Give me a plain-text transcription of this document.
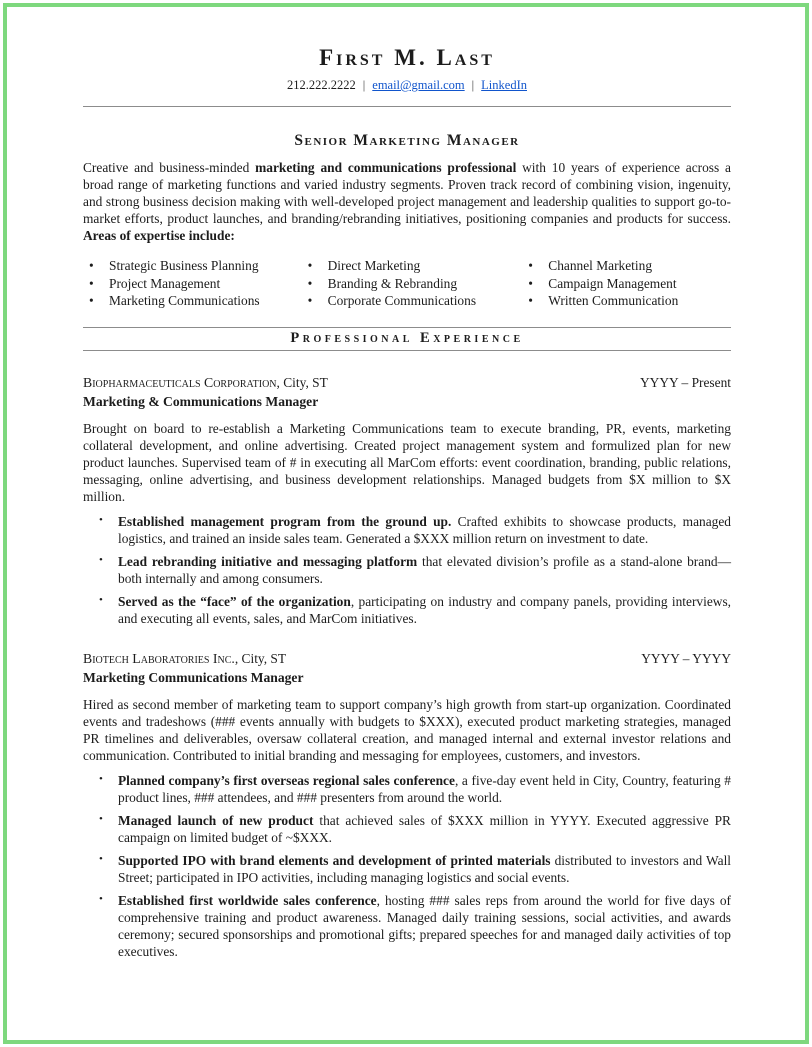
First M. Last
212.222.2222 | email@gmail.com | LinkedIn
Senior Marketing Manager

Creative and business-minded marketing and communications professional with 10 years of experience across a broad range of marketing functions and varied industry segments. Proven track record of combining vision, ingenuity, and strong business decision making with well-developed project management and leadership qualities to support go-to-market efforts, product launches, and branding/rebranding initiatives, positioning companies and products for success. Areas of expertise include:

• Strategic Business Planning
• Project Management
• Marketing Communications
• Direct Marketing
• Branding & Rebranding
• Corporate Communications
• Channel Marketing
• Campaign Management
• Written Communication
Professional Experience
Biopharmaceuticals Corporation, City, ST	YYYY – Present
Marketing & Communications Manager

Brought on board to re-establish a Marketing Communications team to execute branding, PR, events, marketing collateral development, and online advertising. Created project management system and formulized plan for new product launches. Supervised team of # in executing all MarCom efforts: event coordination, branding, public relations, messaging, online advertising, and business development relationships. Managed budgets from $X million to $X million.

• Established management program from the ground up. Crafted exhibits to showcase products, managed logistics, and trained an inside sales team. Generated a $XXX million return on investment to date.
• Lead rebranding initiative and messaging platform that elevated division’s profile as a stand-alone brand—both internally and among consumers.
• Served as the “face” of the organization, participating on industry and company panels, providing interviews, and executing all events, sales, and MarCom initiatives.
Biotech Laboratories Inc., City, ST	YYYY – YYYY
Marketing Communications Manager

Hired as second member of marketing team to support company’s high growth from start-up organization. Coordinated events and tradeshows (### events annually with budgets to $XXX), executed product marketing strategies, managed PR timelines and deliverables, oversaw collateral creation, and managed internal and external investor relations and communication. Contributed to initial branding and messaging for employees, customers, and investors.

• Planned company’s first overseas regional sales conference, a five-day event held in City, Country, featuring # product lines, ### attendees, and ### presenters from around the world.
• Managed launch of new product that achieved sales of $XXX million in YYYY. Executed aggressive PR campaign on limited budget of ~$XXX.
• Supported IPO with brand elements and development of printed materials distributed to investors and Wall Street; participated in IPO activities, including managing logistics and social events.
• Established first worldwide sales conference, hosting ### sales reps from around the world for five days of comprehensive training and product awareness. Managed daily training sessions, social activities, and awards ceremony; secured sponsorships and promotional gifts; prepared speeches for and managed daily activities of top executives.
